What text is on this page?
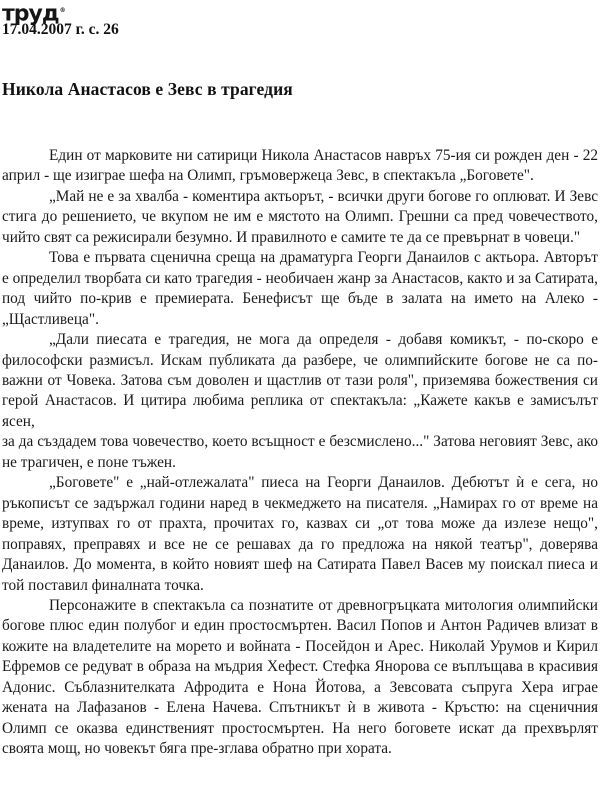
труд®
17.04.2007 г. с. 26
Никола Анастасов е Зевс в трагедия

Един от марковите ни сатирици Никола Анастасов навръх 75-ия си рожден ден - 22 април - ще изиграе шефа на Олимп, гръмовержеца Зевс, в спектакъла „Боговете".

„Май не е за хвалба - коментира актьорът, - всички други богове го оплюват. И Зевс стига до решението, че вкупом не им е мястото на Олимп. Грешни са пред човечеството, чийто свят са режисирали безумно. И правилното е самите те да се превърнат в човеци."

Това е първата сценична среща на драматурга Георги Данаилов с актьора. Авторът е определил творбата си като трагедия - необичаен жанр за Анастасов, както и за Сатирата, под чийто по-крив е премиерата. Бенефисът ще бъде в залата на името на Алеко - „Щастливеца".

„Дали пиесата е трагедия, не мога да определя - добавя комикът, - по-скоро е философски размисъл. Искам публиката да разбере, че олимпийските богове не са по-важни от Човека. Затова съм доволен и щастлив от тази роля", приземява божествения си герой Анастасов. И цитира любима реплика от спектакъла: „Кажете какъв е замисълът ясен,

за да създадем това човечество, което всъщност е безсмислено..." Затова неговият Зевс, ако не трагичен, е поне тъжен.

„Боговете" е „най-отлежалата" пиеса на Георги Данаилов. Дебютът ѝ е сега, но ръкописът се задържал години наред в чекмеджето на писателя. „Намирах го от време на време, изтупвах го от прахта, прочитах го, казвах си „от това може да излезе нещо", поправях, преправях и все не се решавах да го предложа на някой театър", доверява Данаилов. До момента, в който новият шеф на Сатирата Павел Васев му поискал пиеса и той поставил финалната точка.

Персонажите в спектакъла са познатите от древногръцката митология олимпийски богове плюс един полубог и един простосмъртен. Васил Попов и Антон Радичев влизат в кожите на владетелите на морето и войната - Посейдон и Арес. Николай Урумов и Кирил Ефремов се редуват в образа на мъдрия Хефест. Стефка Янорова се въплъщава в красивия Адонис. Съблазнителката Афродита е Нона Йотова, а Зевсовата съпруга Хера играе жената на Лафазанов - Елена Начева. Спътникът ѝ в живота - Кръстю: на сценичния Олимп се оказва единственият простосмъртен. На него боговете искат да прехвърлят своята мощ, но човекът бяга пре-зглава обратно при хората.
